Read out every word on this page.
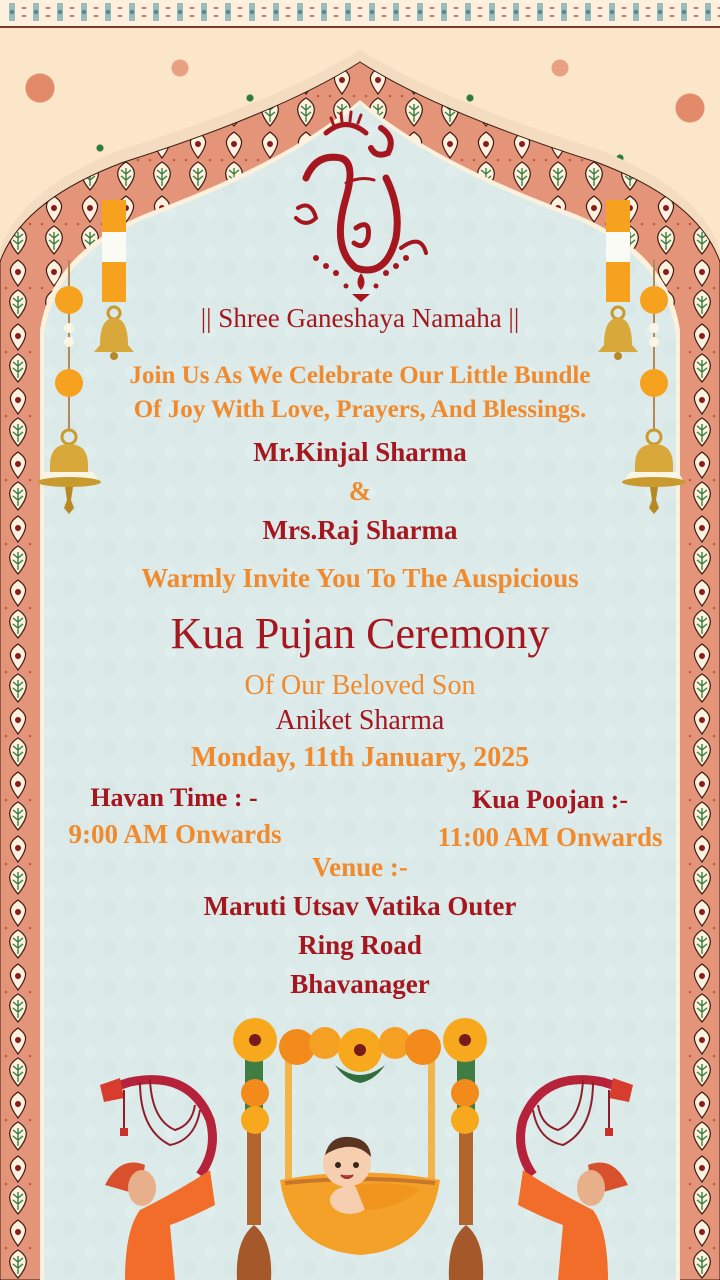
|| Shree Ganeshaya Namaha ||
Join Us As We Celebrate Our Little Bundle
Of Joy With Love, Prayers, And Blessings.
Mr.Kinjal Sharma
&
Mrs.Raj Sharma
Warmly Invite You To The Auspicious
Kua Pujan Ceremony
Of Our Beloved Son
Aniket Sharma
Monday, 11th January, 2025
Havan Time : -
9:00 AM Onwards
Kua Poojan :-
11:00 AM Onwards
Venue :-
Maruti Utsav Vatika Outer
Ring Road
Bhavanager
